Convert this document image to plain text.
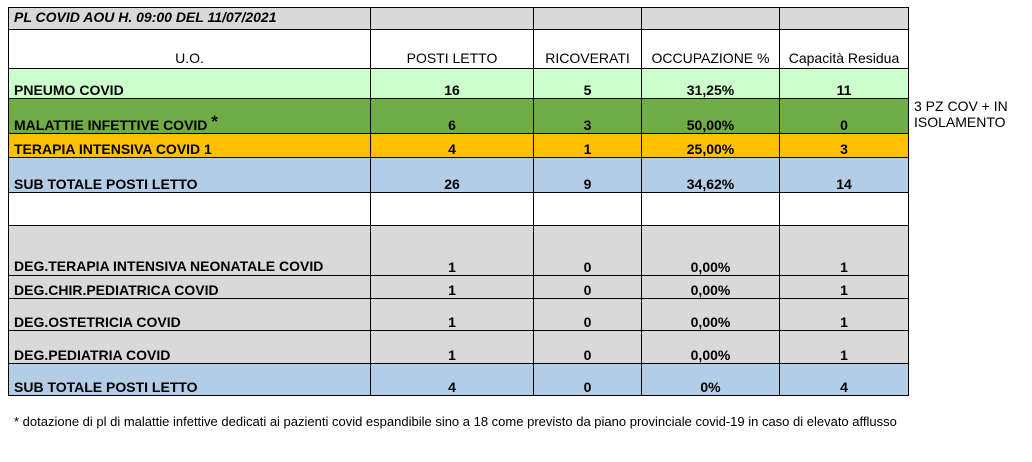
PL COVID AOU H. 09:00 DEL 11/07/2021				
U.O.	POSTI LETTO	RICOVERATI	OCCUPAZIONE %	Capacità Residua
PNEUMO COVID	16	5	31,25%	11
MALATTIE INFETTIVE COVID *	6	3	50,00%	0
TERAPIA INTENSIVA COVID 1	4	1	25,00%	3
SUB TOTALE POSTI LETTO	26	9	34,62%	14

DEG.TERAPIA INTENSIVA NEONATALE COVID	1	0	0,00%	1
DEG.CHIR.PEDIATRICA COVID	1	0	0,00%	1
DEG.OSTETRICIA COVID	1	0	0,00%	1
DEG.PEDIATRIA COVID	1	0	0,00%	1
SUB TOTALE POSTI LETTO	4	0	0%	4
3 PZ COV + IN ISOLAMENTO
* dotazione di pl di malattie infettive dedicati ai pazienti covid espandibile sino a 18 come previsto da piano provinciale covid-19 in caso di elevato afflusso
